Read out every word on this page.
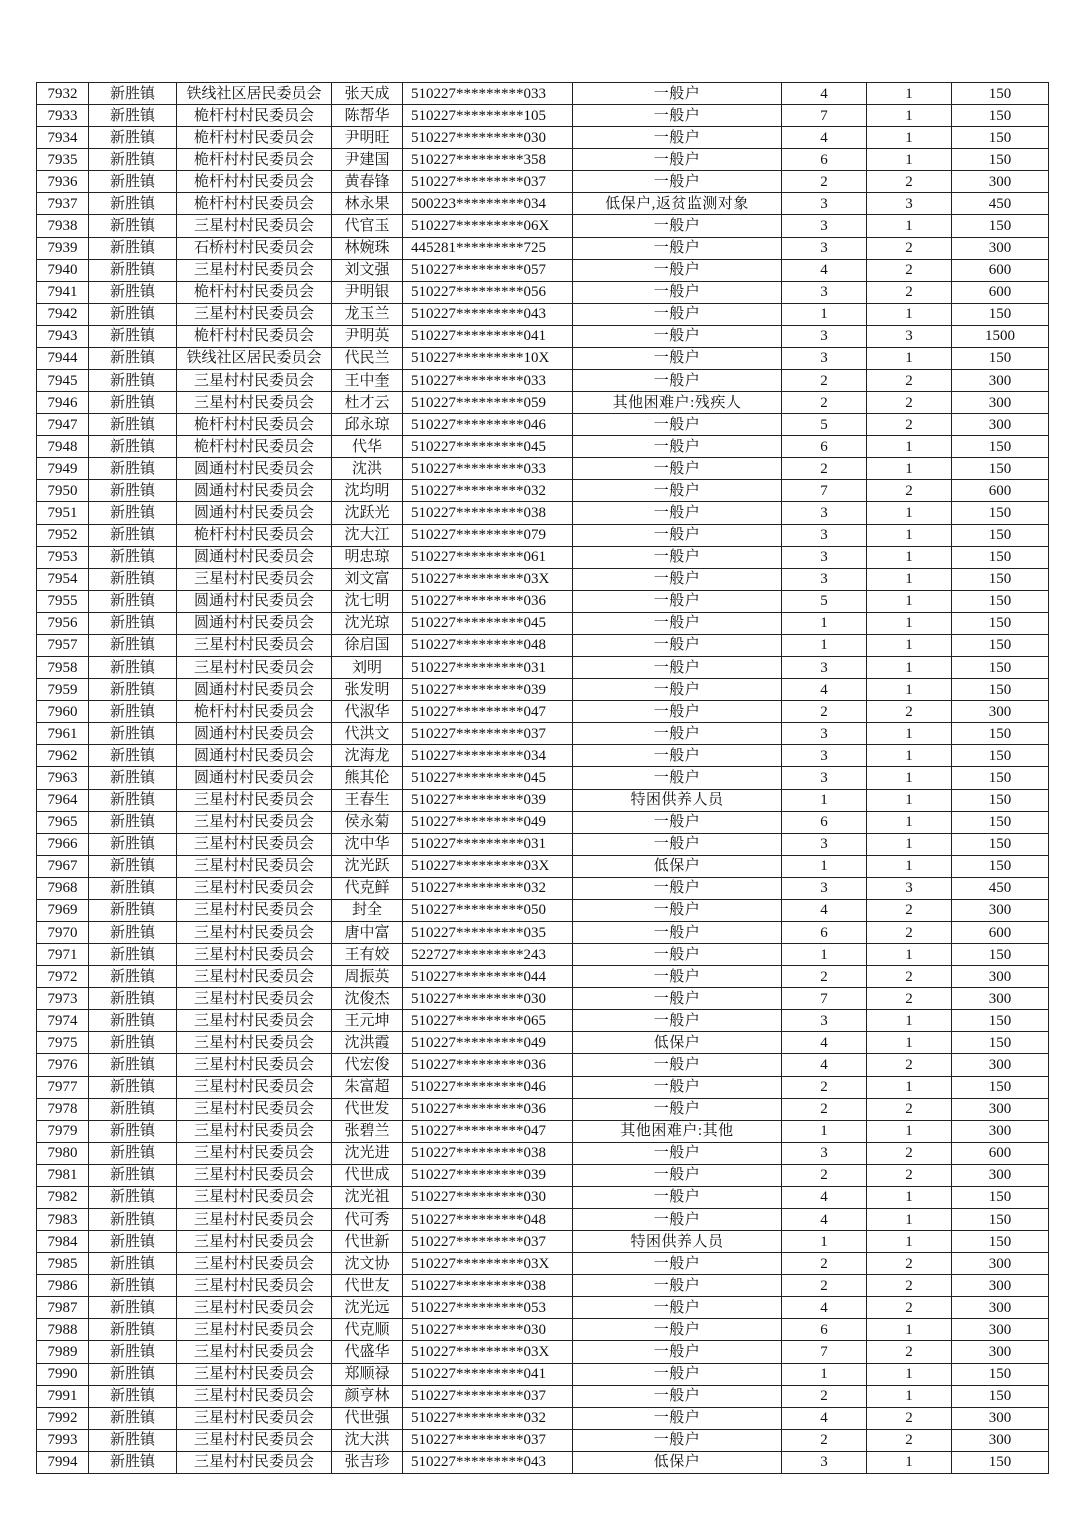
7932	新胜镇	铁线社区居民委员会	张天成	510227*********033	一般户	4	1	150
7933	新胜镇	桅杆村村民委员会	陈帮华	510227*********105	一般户	7	1	150
7934	新胜镇	桅杆村村民委员会	尹明旺	510227*********030	一般户	4	1	150
7935	新胜镇	桅杆村村民委员会	尹建国	510227*********358	一般户	6	1	150
7936	新胜镇	桅杆村村民委员会	黄春锋	510227*********037	一般户	2	2	300
7937	新胜镇	桅杆村村民委员会	林永果	500223*********034	低保户,返贫监测对象	3	3	450
7938	新胜镇	三星村村民委员会	代官玉	510227*********06X	一般户	3	1	150
7939	新胜镇	石桥村村民委员会	林婉珠	445281*********725	一般户	3	2	300
7940	新胜镇	三星村村民委员会	刘文强	510227*********057	一般户	4	2	600
7941	新胜镇	桅杆村村民委员会	尹明银	510227*********056	一般户	3	2	600
7942	新胜镇	三星村村民委员会	龙玉兰	510227*********043	一般户	1	1	150
7943	新胜镇	桅杆村村民委员会	尹明英	510227*********041	一般户	3	3	1500
7944	新胜镇	铁线社区居民委员会	代民兰	510227*********10X	一般户	3	1	150
7945	新胜镇	三星村村民委员会	王中奎	510227*********033	一般户	2	2	300
7946	新胜镇	三星村村民委员会	杜才云	510227*********059	其他困难户:残疾人	2	2	300
7947	新胜镇	桅杆村村民委员会	邱永琼	510227*********046	一般户	5	2	300
7948	新胜镇	桅杆村村民委员会	代华	510227*********045	一般户	6	1	150
7949	新胜镇	圆通村村民委员会	沈洪	510227*********033	一般户	2	1	150
7950	新胜镇	圆通村村民委员会	沈均明	510227*********032	一般户	7	2	600
7951	新胜镇	圆通村村民委员会	沈跃光	510227*********038	一般户	3	1	150
7952	新胜镇	桅杆村村民委员会	沈大江	510227*********079	一般户	3	1	150
7953	新胜镇	圆通村村民委员会	明忠琼	510227*********061	一般户	3	1	150
7954	新胜镇	三星村村民委员会	刘文富	510227*********03X	一般户	3	1	150
7955	新胜镇	圆通村村民委员会	沈七明	510227*********036	一般户	5	1	150
7956	新胜镇	圆通村村民委员会	沈光琼	510227*********045	一般户	1	1	150
7957	新胜镇	三星村村民委员会	徐启国	510227*********048	一般户	1	1	150
7958	新胜镇	三星村村民委员会	刘明	510227*********031	一般户	3	1	150
7959	新胜镇	圆通村村民委员会	张发明	510227*********039	一般户	4	1	150
7960	新胜镇	桅杆村村民委员会	代淑华	510227*********047	一般户	2	2	300
7961	新胜镇	圆通村村民委员会	代洪文	510227*********037	一般户	3	1	150
7962	新胜镇	圆通村村民委员会	沈海龙	510227*********034	一般户	3	1	150
7963	新胜镇	圆通村村民委员会	熊其伦	510227*********045	一般户	3	1	150
7964	新胜镇	三星村村民委员会	王春生	510227*********039	特困供养人员	1	1	150
7965	新胜镇	三星村村民委员会	侯永菊	510227*********049	一般户	6	1	150
7966	新胜镇	三星村村民委员会	沈中华	510227*********031	一般户	3	1	150
7967	新胜镇	三星村村民委员会	沈光跃	510227*********03X	低保户	1	1	150
7968	新胜镇	三星村村民委员会	代克鲜	510227*********032	一般户	3	3	450
7969	新胜镇	三星村村民委员会	封全	510227*********050	一般户	4	2	300
7970	新胜镇	三星村村民委员会	唐中富	510227*********035	一般户	6	2	600
7971	新胜镇	三星村村民委员会	王有姣	522727*********243	一般户	1	1	150
7972	新胜镇	三星村村民委员会	周振英	510227*********044	一般户	2	2	300
7973	新胜镇	三星村村民委员会	沈俊杰	510227*********030	一般户	7	2	300
7974	新胜镇	三星村村民委员会	王元坤	510227*********065	一般户	3	1	150
7975	新胜镇	三星村村民委员会	沈洪霞	510227*********049	低保户	4	1	150
7976	新胜镇	三星村村民委员会	代宏俊	510227*********036	一般户	4	2	300
7977	新胜镇	三星村村民委员会	朱富超	510227*********046	一般户	2	1	150
7978	新胜镇	三星村村民委员会	代世发	510227*********036	一般户	2	2	300
7979	新胜镇	三星村村民委员会	张碧兰	510227*********047	其他困难户:其他	1	1	300
7980	新胜镇	三星村村民委员会	沈光进	510227*********038	一般户	3	2	600
7981	新胜镇	三星村村民委员会	代世成	510227*********039	一般户	2	2	300
7982	新胜镇	三星村村民委员会	沈光祖	510227*********030	一般户	4	1	150
7983	新胜镇	三星村村民委员会	代可秀	510227*********048	一般户	4	1	150
7984	新胜镇	三星村村民委员会	代世新	510227*********037	特困供养人员	1	1	150
7985	新胜镇	三星村村民委员会	沈文协	510227*********03X	一般户	2	2	300
7986	新胜镇	三星村村民委员会	代世友	510227*********038	一般户	2	2	300
7987	新胜镇	三星村村民委员会	沈光远	510227*********053	一般户	4	2	300
7988	新胜镇	三星村村民委员会	代克顺	510227*********030	一般户	6	1	300
7989	新胜镇	三星村村民委员会	代盛华	510227*********03X	一般户	7	2	300
7990	新胜镇	三星村村民委员会	郑顺禄	510227*********041	一般户	1	1	150
7991	新胜镇	三星村村民委员会	颜亨林	510227*********037	一般户	2	1	150
7992	新胜镇	三星村村民委员会	代世强	510227*********032	一般户	4	2	300
7993	新胜镇	三星村村民委员会	沈大洪	510227*********037	一般户	2	2	300
7994	新胜镇	三星村村民委员会	张吉珍	510227*********043	低保户	3	1	150
